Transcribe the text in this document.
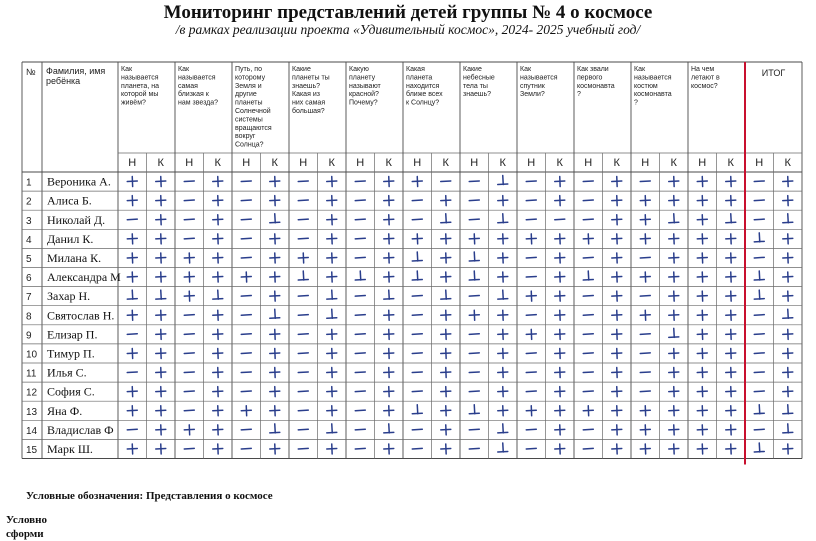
Мониторинг представлений детей группы № 4 о космосе
/в рамках реализации проекта «Удивительный космос», 2024- 2025 учебный год/
№ Фамилия, имя
ребёнка
Как
называется
планета, на
которой мы
живём?
Как
называется
самая
близкая к
нам звезда?
Путь, по
которому
Земля и
другие
планеты
Солнечной
системы
вращаются
вокруг
Солнца?
Какие
планеты ты
знаешь?
Какая из
них самая
большая?
Какую
планету
называют
красной?
Почему?
Какая
планета
находится
ближе всех
к Солнцу?
Какие
небесные
тела ты
знаешь?
Как
называется
спутник
Земли?
Как звали
первого
космонавта
?
Как
называется
костюм
космонавта
?
На чем
летают в
космос?
ИТОГ
Н К Н К Н К Н К Н К Н К Н К Н К Н К Н К Н К Н К
1 Вероника А.
2 Алиса Б.
3 Николай Д.
4 Данил К.
5 Милана К.
6 Александра М
7 Захар Н.
8 Святослав Н.
9 Елизар П.
10 Тимур П.
11 Илья С.
12 София С.
13 Яна Ф.
14 Владислав Ф
15 Марк Ш.
Условные обозначения: Представления о космосе
Условно
сформи
